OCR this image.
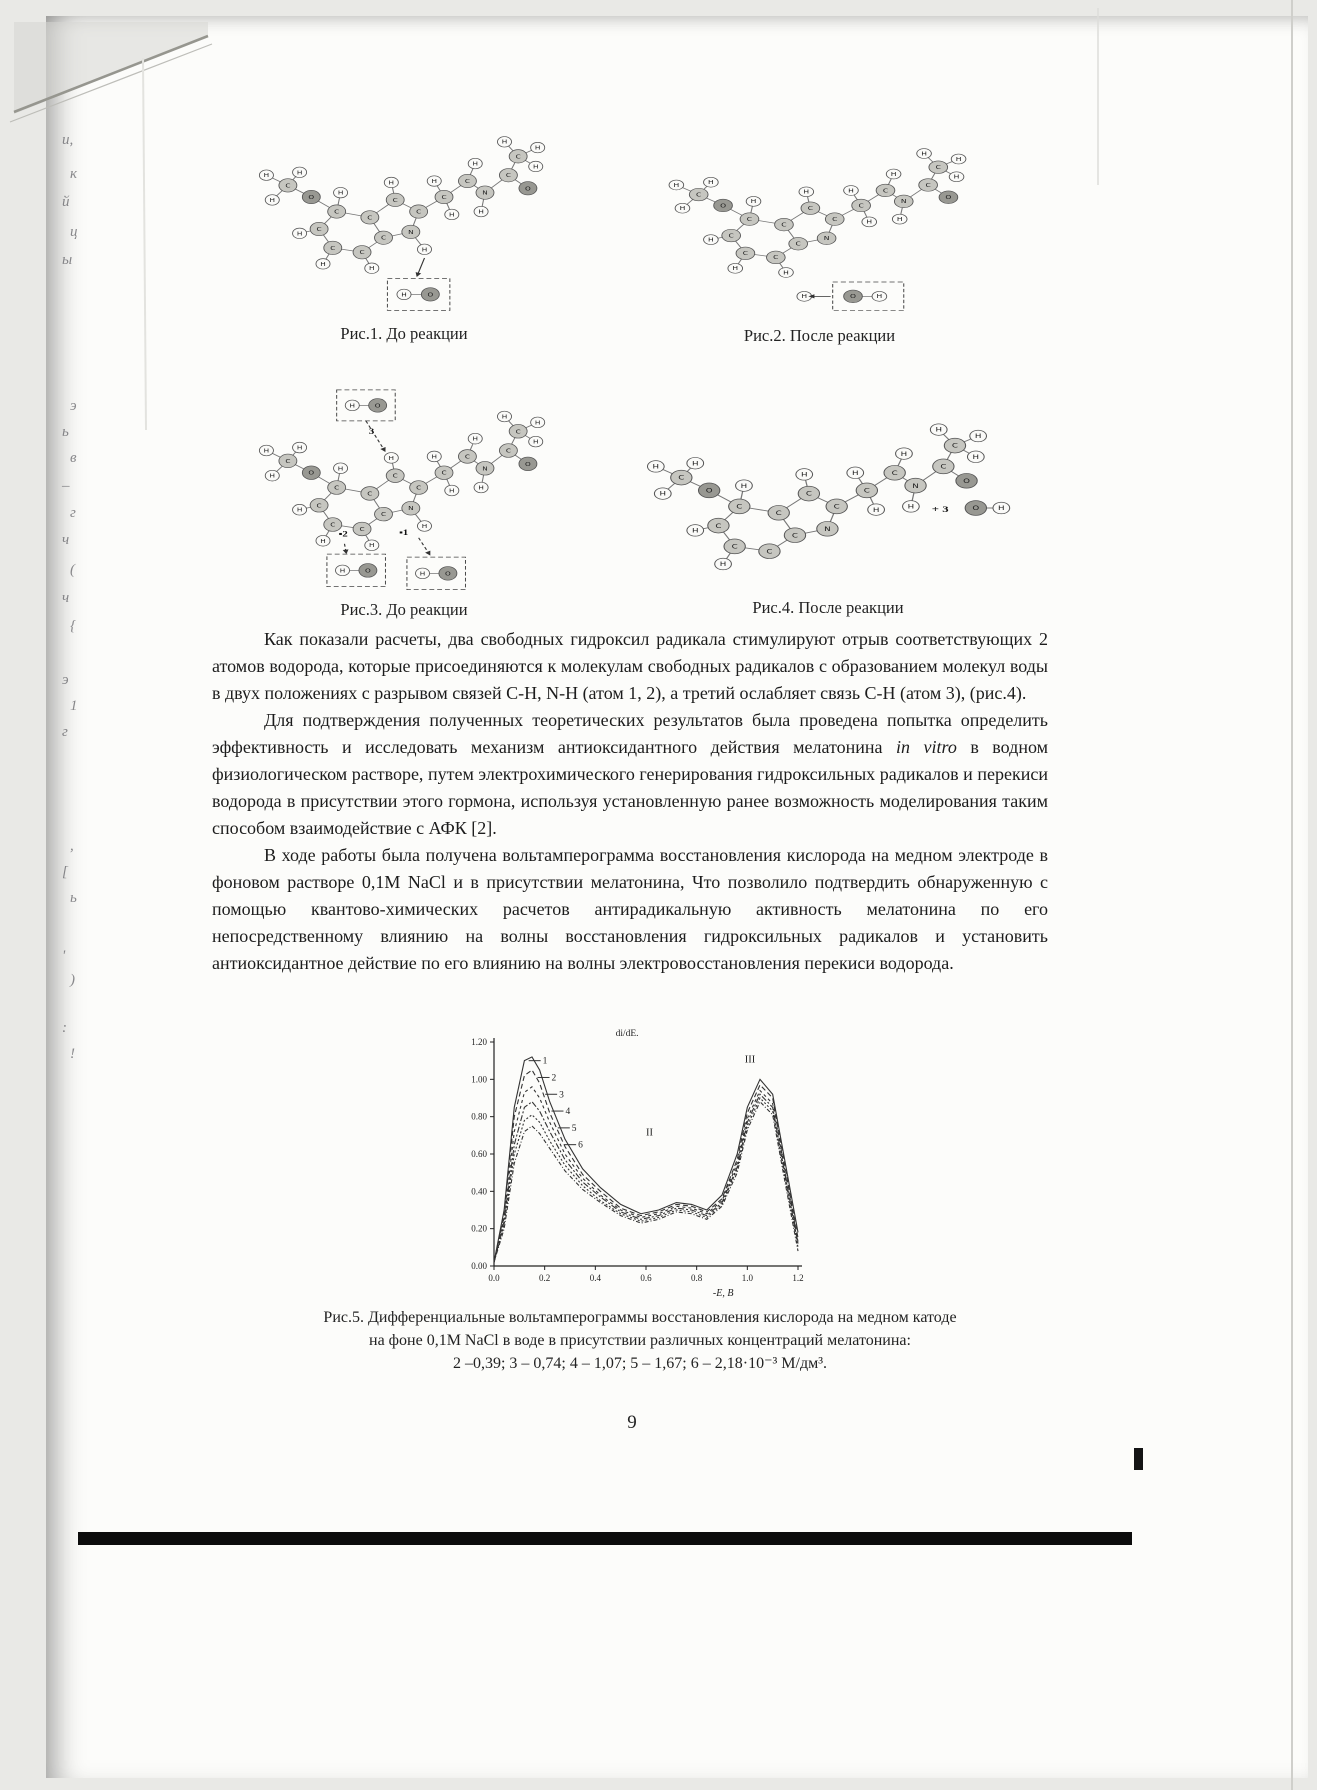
и,
к
й
ц
ы
э
ь
в
–
г
ч
(
ч
{
э
1
г
,
[
ь
'
)
:
!
C
C
C
C
C
C
N
C
C	C
C
N
C
O
C
O
C
H
H
H
H
H
H
H
H
H
H
H
H
H
H
H
H
H	O
C
C
C
C
C
C
N
C
C	C
C
N
C
O
C
O
C
H
H
H
H
H
H
H
H
H
H
H
H
H
H
H
O	H
H
C
C
C
C
C
C
N
C
C	C
C
N
C
O
C
O
C
H
H
H
H
H
H
H
H
H
H
H
H
H
H
H
H
H	O
H	O	H	O
3
▪2	▪1
C
C
C
C
C
C
N
C
C	C
C
N
C
O
C
O
C
H
H
H
H
H
H
H
H
H
H
H
H
H
H
O	H
+ 3
Рис.1. До реакции	Рис.2. После реакции
Рис.3. До реакции	Рис.4. После реакции

Как показали расчеты, два свободных гидроксил радикала стимулируют отрыв соответствующих 2 атомов водорода, которые присоединяются к молекулам свободных радикалов с образованием молекул воды в двух положениях с разрывом связей C-H, N-H (атом 1, 2), а третий ослабляет связь C-H (атом 3), (рис.4).

Для подтверждения полученных теоретических результатов была проведена попытка определить эффективность и исследовать механизм антиоксидантного действия мелатонина in vitro в водном физиологическом растворе, путем электрохимического генерирования гидроксильных радикалов и перекиси водорода в присутствии этого гормона, используя установленную ранее возможность моделирования таким способом взаимодействие с АФК [2].

В ходе работы была получена вольтамперограмма восстановления кислорода на медном электроде в фоновом растворе 0,1М NaCl и в присутствии мелатонина, Что позволило подтвердить обнаруженную с помощью квантово-химических расчетов антирадикальную активность мелатонина по его непосредственному влиянию на волны восстановления гидроксильных радикалов и установить антиоксидантное действие по его влиянию на волны электровосстановления перекиси водорода.

0.00
0.20
0.40
0.60
0.80
1.00
1.20
0.0	0.2	0.4	0.6	0.8	1.0	1.2
1
2
3
4
5
6
II
III
di/dE.
-E, В
Рис.5. Дифференциальные вольтамперограммы восстановления кислорода на медном катоде
на фоне 0,1М NaCl в воде в присутствии различных концентраций мелатонина:
2 –0,39; 3 – 0,74; 4 – 1,07; 5 – 1,67; 6 – 2,18·10⁻³ М/дм³.
9
